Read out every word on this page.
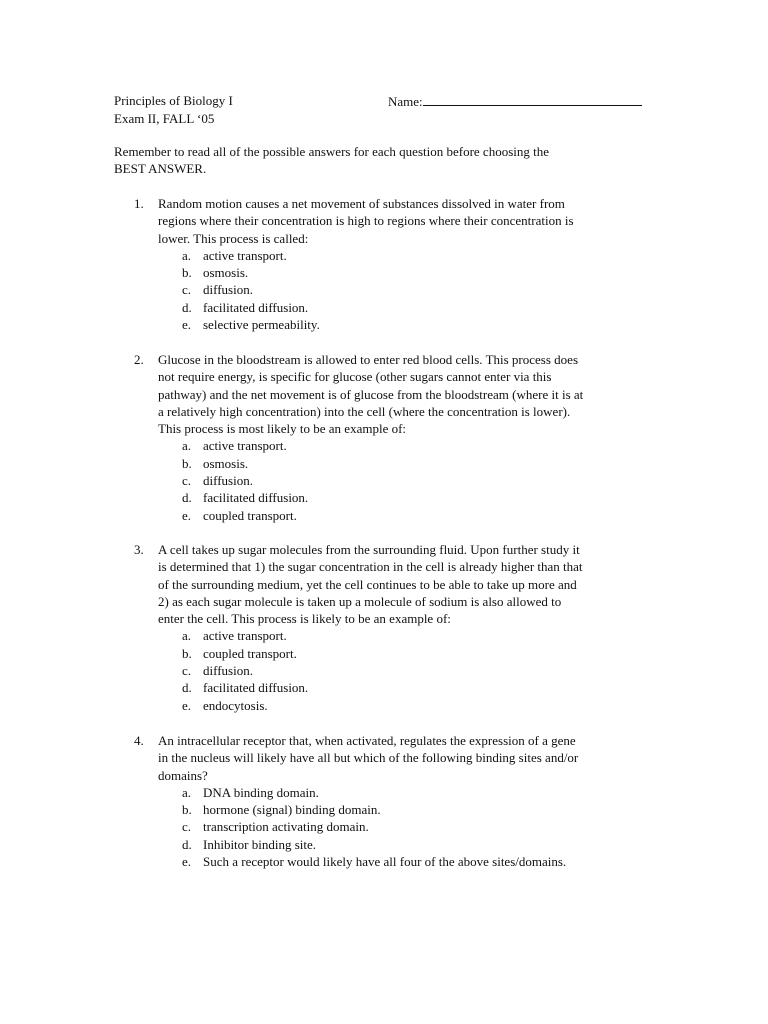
Principles of Biology I	Name:
Exam II, FALL ‘05
Remember to read all of the possible answers for each question before choosing the
BEST ANSWER.
1. Random motion causes a net movement of substances dissolved in water from
regions where their concentration is high to regions where their concentration is
lower. This process is called:
a. active transport.
b. osmosis.
c. diffusion.
d. facilitated diffusion.
e. selective permeability.
2. Glucose in the bloodstream is allowed to enter red blood cells. This process does
not require energy, is specific for glucose (other sugars cannot enter via this
pathway) and the net movement is of glucose from the bloodstream (where it is at
a relatively high concentration) into the cell (where the concentration is lower).
This process is most likely to be an example of:
a. active transport.
b. osmosis.
c. diffusion.
d. facilitated diffusion.
e. coupled transport.
3. A cell takes up sugar molecules from the surrounding fluid. Upon further study it
is determined that 1) the sugar concentration in the cell is already higher than that
of the surrounding medium, yet the cell continues to be able to take up more and
2) as each sugar molecule is taken up a molecule of sodium is also allowed to
enter the cell. This process is likely to be an example of:
a. active transport.
b. coupled transport.
c. diffusion.
d. facilitated diffusion.
e. endocytosis.
4. An intracellular receptor that, when activated, regulates the expression of a gene
in the nucleus will likely have all but which of the following binding sites and/or
domains?
a. DNA binding domain.
b. hormone (signal) binding domain.
c. transcription activating domain.
d. Inhibitor binding site.
e. Such a receptor would likely have all four of the above sites/domains.
